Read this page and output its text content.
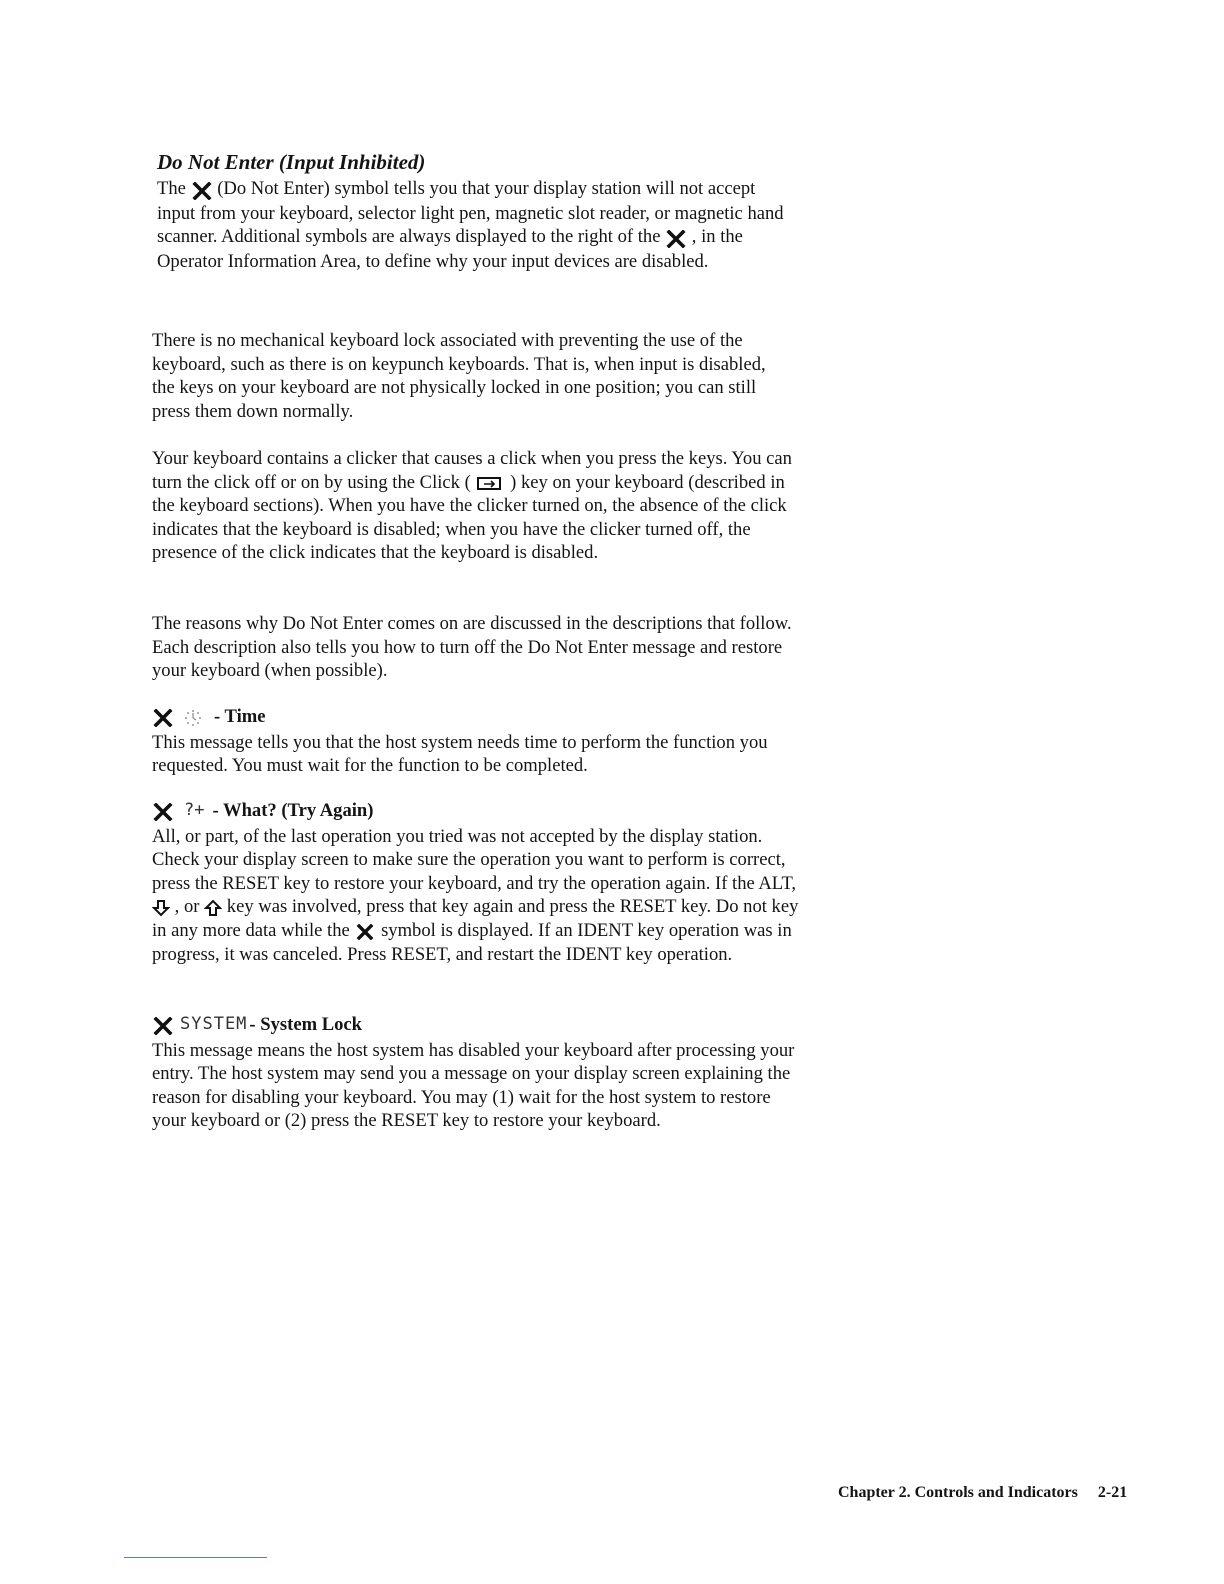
Do Not Enter (Input Inhibited)

The (Do Not Enter) symbol tells you that your display station will not accept input from your keyboard, selector light pen, magnetic slot reader, or magnetic hand scanner. Additional symbols are always displayed to the right of the , in the Operator Information Area, to define why your input devices are disabled.

There is no mechanical keyboard lock associated with preventing the use of the keyboard, such as there is on keypunch keyboards. That is, when input is disabled, the keys on your keyboard are not physically locked in one position; you can still press them down normally.

Your keyboard contains a clicker that causes a click when you press the keys. You can turn the click off or on by using the Click ( ) key on your keyboard (described in the keyboard sections). When you have the clicker turned on, the absence of the click indicates that the keyboard is disabled; when you have the clicker turned off, the presence of the click indicates that the keyboard is disabled.

The reasons why Do Not Enter comes on are discussed in the descriptions that follow. Each description also tells you how to turn off the Do Not Enter message and restore your keyboard (when possible).

- Time

This message tells you that the host system needs time to perform the function you requested. You must wait for the function to be completed.

?+ - What? (Try Again)

All, or part, of the last operation you tried was not accepted by the display station. Check your display screen to make sure the operation you want to perform is correct, press the RESET key to restore your keyboard, and try the operation again. If the ALT,  , or key was involved, press that key again and press the RESET key. Do not key in any more data while the symbol is displayed. If an IDENT key operation was in progress, it was canceled. Press RESET, and restart the IDENT key operation.

SYSTEM - System Lock

This message means the host system has disabled your keyboard after processing your entry. The host system may send you a message on your display screen explaining the reason for disabling your keyboard. You may (1) wait for the host system to restore your keyboard or (2) press the RESET key to restore your keyboard.

Chapter 2. Controls and Indicators 2-21
